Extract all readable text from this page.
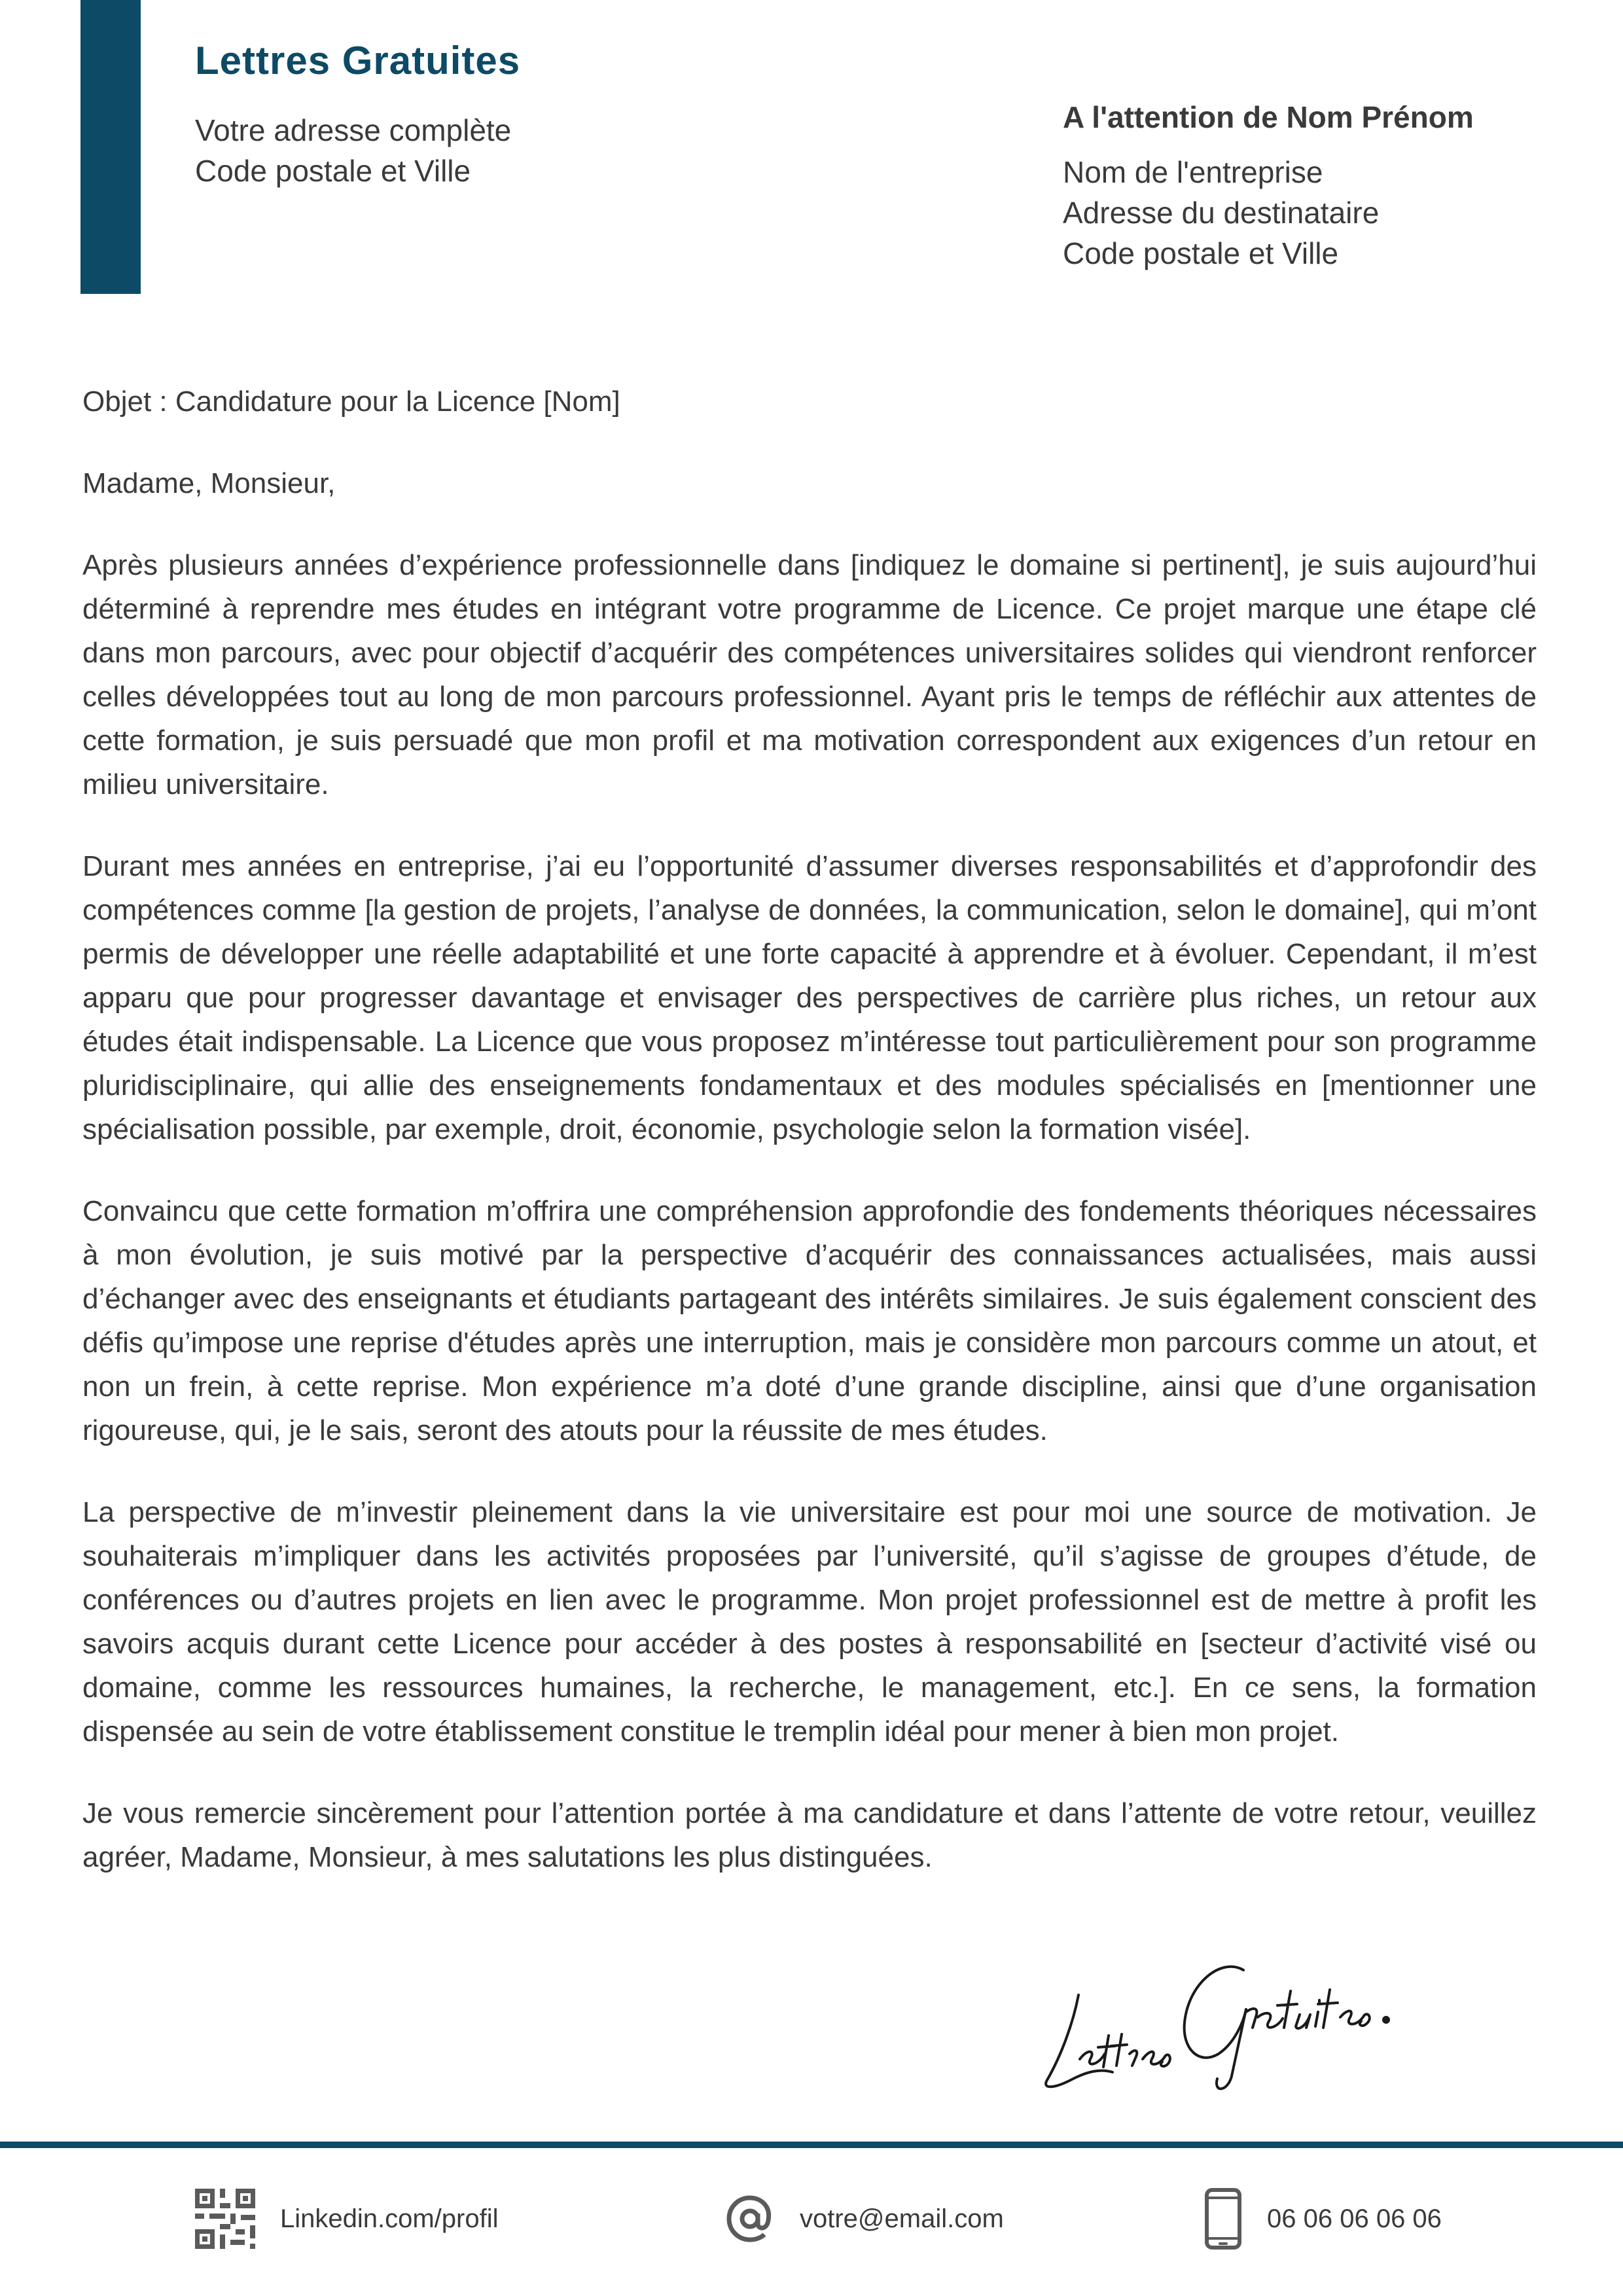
Lettres Gratuites
Votre adresse complète
Code postale et Ville
A l'attention de Nom Prénom
Nom de l'entreprise
Adresse du destinataire
Code postale et Ville

Objet : Candidature pour la Licence [Nom]

Madame, Monsieur,

Après plusieurs années d’expérience professionnelle dans [indiquez le domaine si pertinent], je suis aujourd’hui déterminé à reprendre mes études en intégrant votre programme de Licence. Ce projet marque une étape clé dans mon parcours, avec pour objectif d’acquérir des compétences universitaires solides qui viendront renforcer celles développées tout au long de mon parcours professionnel. Ayant pris le temps de réfléchir aux attentes de cette formation, je suis persuadé que mon profil et ma motivation correspondent aux exigences d’un retour en milieu universitaire.

Durant mes années en entreprise, j’ai eu l’opportunité d’assumer diverses responsabilités et d’approfondir des compétences comme [la gestion de projets, l’analyse de données, la communication, selon le domaine], qui m’ont permis de développer une réelle adaptabilité et une forte capacité à apprendre et à évoluer. Cependant, il m’est apparu que pour progresser davantage et envisager des perspectives de carrière plus riches, un retour aux études était indispensable. La Licence que vous proposez m’intéresse tout particulièrement pour son programme pluridisciplinaire, qui allie des enseignements fondamentaux et des modules spécialisés en [mentionner une spécialisation possible, par exemple, droit, économie, psychologie selon la formation visée].

Convaincu que cette formation m’offrira une compréhension approfondie des fondements théoriques nécessaires à mon évolution, je suis motivé par la perspective d’acquérir des connaissances actualisées, mais aussi d’échanger avec des enseignants et étudiants partageant des intérêts similaires. Je suis également conscient des défis qu’impose une reprise d'études après une interruption, mais je considère mon parcours comme un atout, et non un frein, à cette reprise. Mon expérience m’a doté d’une grande discipline, ainsi que d’une organisation rigoureuse, qui, je le sais, seront des atouts pour la réussite de mes études.

La perspective de m’investir pleinement dans la vie universitaire est pour moi une source de motivation. Je souhaiterais m’impliquer dans les activités proposées par l’université, qu’il s’agisse de groupes d’étude, de conférences ou d’autres projets en lien avec le programme. Mon projet professionnel est de mettre à profit les savoirs acquis durant cette Licence pour accéder à des postes à responsabilité en [secteur d’activité visé ou domaine, comme les ressources humaines, la recherche, le management, etc.]. En ce sens, la formation dispensée au sein de votre établissement constitue le tremplin idéal pour mener à bien mon projet.

Je vous remercie sincèrement pour l’attention portée à ma candidature et dans l’attente de votre retour, veuillez agréer, Madame, Monsieur, à mes salutations les plus distinguées.

Linkedin.com/profil	votre@email.com	06 06 06 06 06
